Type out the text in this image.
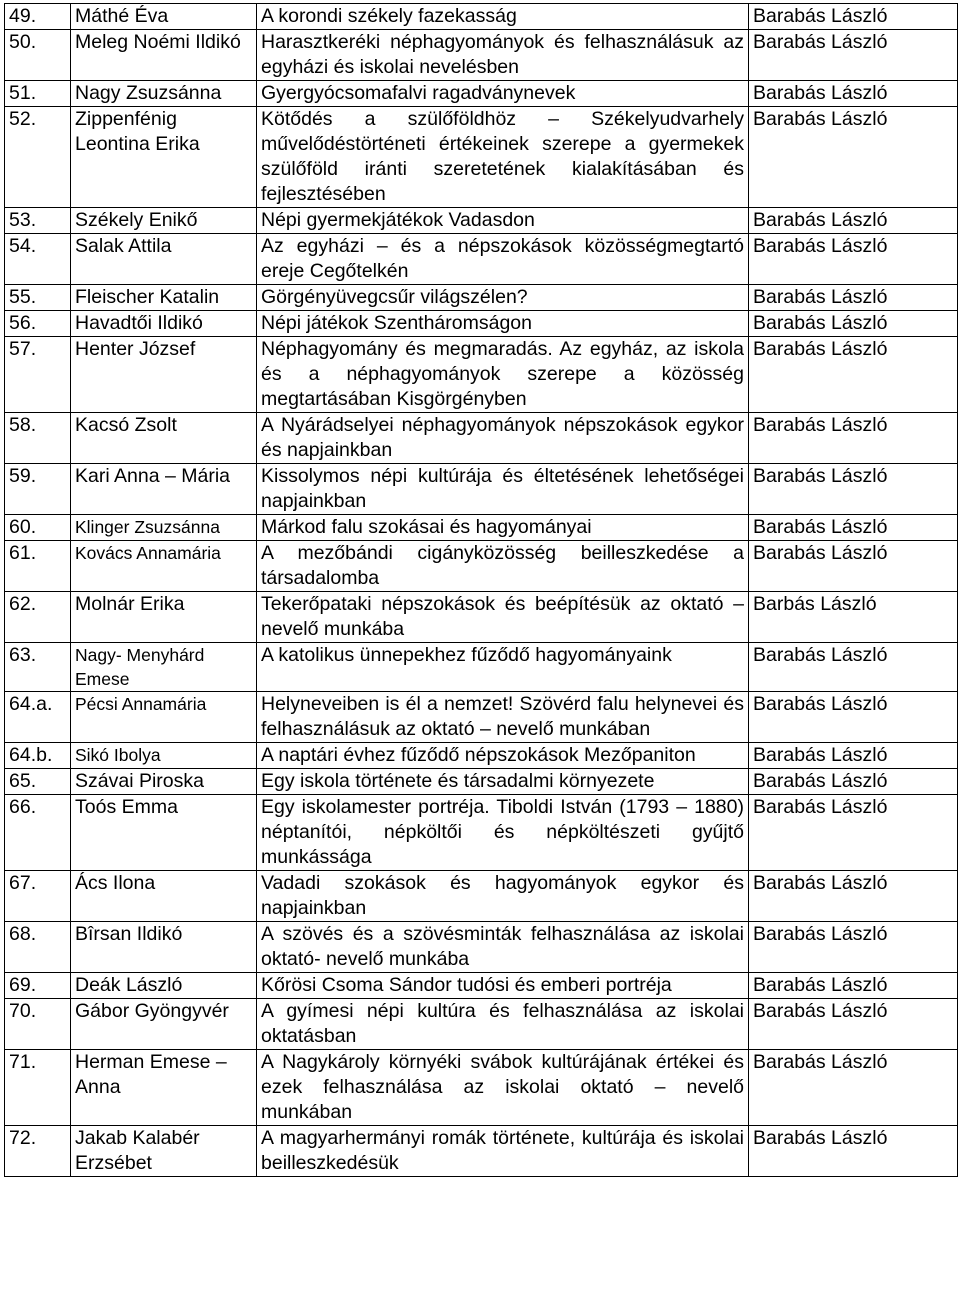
49.	Máthé Éva	A korondi székely fazekasság	Barabás László
50.	Meleg Noémi Ildikó	Harasztkeréki néphagyományok és felhasználásuk az egyházi és iskolai nevelésben	Barabás László
51.	Nagy Zsuzsánna	Gyergyócsomafalvi ragadványnevek	Barabás László
52.	Zippenfénig Leontina Erika	Kötődés a szülőföldhöz – Székelyudvarhely művelődéstörténeti értékeinek szerepe a gyermekek szülőföld iránti szeretetének kialakításában és fejlesztésében	Barabás László
53.	Székely Enikő	Népi gyermekjátékok Vadasdon	Barabás László
54.	Salak Attila	Az egyházi – és a népszokások közösségmegtartó ereje Cegőtelkén	Barabás László
55.	Fleischer Katalin	Görgényüvegcsűr világszélen?	Barabás László
56.	Havadtői Ildikó	Népi játékok Szentháromságon	Barabás László
57.	Henter József	Néphagyomány és megmaradás. Az egyház, az iskola és a néphagyományok szerepe a közösség megtartásában Kisgörgényben	Barabás László
58.	Kacsó Zsolt	A Nyárádselyei néphagyományok népszokások egykor és napjainkban	Barabás László
59.	Kari Anna – Mária	Kissolymos népi kultúrája és éltetésének lehetőségei napjainkban	Barabás László
60.	Klinger Zsuzsánna	Márkod falu szokásai és hagyományai	Barabás László
61.	Kovács Annamária	A mezőbándi cigányközösség beilleszkedése a társadalomba	Barabás László
62.	Molnár Erika	Tekerőpataki népszokások és beépítésük az oktató – nevelő munkába	Barbás László
63.	Nagy- Menyhárd Emese	A katolikus ünnepekhez fűződő hagyományaink	Barabás László
64.a.	Pécsi Annamária	Helyneveiben is él a nemzet! Szövérd falu helynevei és felhasználásuk az oktató – nevelő munkában	Barabás László
64.b.	Sikó Ibolya	A naptári évhez fűződő népszokások Mezőpaniton	Barabás László
65.	Szávai Piroska	Egy iskola története és társadalmi környezete	Barabás László
66.	Toós Emma	Egy iskolamester portréja. Tiboldi István (1793 – 1880) néptanítói, népköltői és népköltészeti gyűjtő munkássága	Barabás László
67.	Ács Ilona	Vadadi szokások és hagyományok egykor és napjainkban	Barabás László
68.	Bîrsan Ildikó	A szövés és a szövésminták felhasználása az iskolai oktató- nevelő munkába	Barabás László
69.	Deák László	Kőrösi Csoma Sándor tudósi és emberi portréja	Barabás László
70.	Gábor Gyöngyvér	A gyímesi népi kultúra és felhasználása az iskolai oktatásban	Barabás László
71.	Herman Emese – Anna	A Nagykároly környéki svábok kultúrájának értékei és ezek felhasználása az iskolai oktató – nevelő munkában	Barabás László
72.	Jakab Kalabér Erzsébet	A magyarhermányi romák története, kultúrája és iskolai beilleszkedésük	Barabás László
